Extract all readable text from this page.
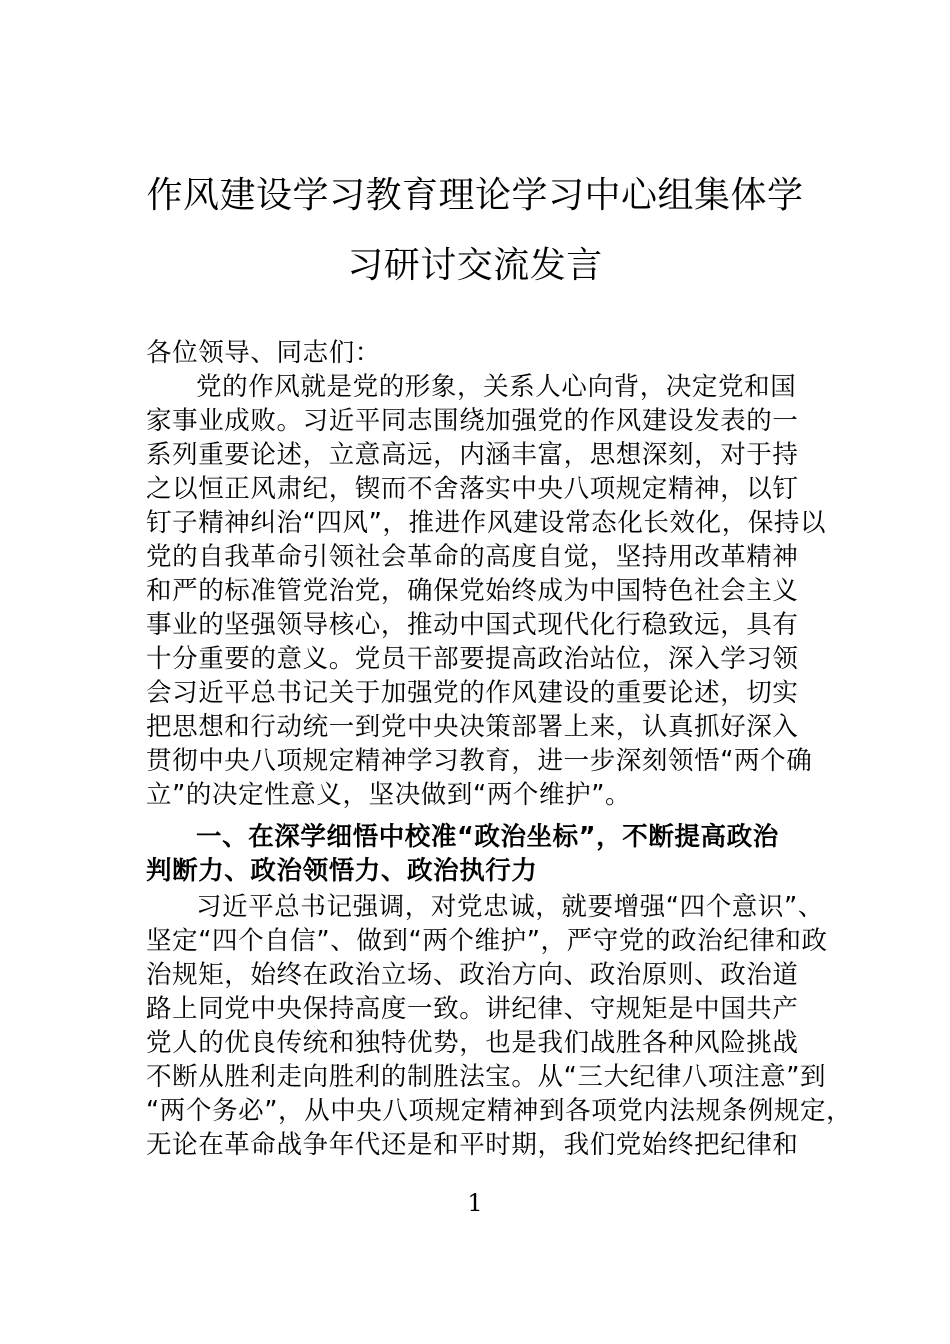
作风建设学习教育理论学习中心组集体学
习研讨交流发言
各位领导、同志们：
党的作风就是党的形象，关系人心向背，决定党和国
家事业成败。习近平同志围绕加强党的作风建设发表的一
系列重要论述，立意高远，内涵丰富，思想深刻，对于持
之以恒正风肃纪，锲而不舍落实中央八项规定精神，以钉
钉子精神纠治“四风”，推进作风建设常态化长效化，保持以
党的自我革命引领社会革命的高度自觉，坚持用改革精神
和严的标准管党治党，确保党始终成为中国特色社会主义
事业的坚强领导核心，推动中国式现代化行稳致远，具有
十分重要的意义。党员干部要提高政治站位，深入学习领
会习近平总书记关于加强党的作风建设的重要论述，切实
把思想和行动统一到党中央决策部署上来，认真抓好深入
贯彻中央八项规定精神学习教育，进一步深刻领悟“两个确
立”的决定性意义，坚决做到“两个维护”。
一、在深学细悟中校准“政治坐标”，不断提高政治
判断力、政治领悟力、政治执行力
习近平总书记强调，对党忠诚，就要增强“四个意识”、
坚定“四个自信”、做到“两个维护”，严守党的政治纪律和政
治规矩，始终在政治立场、政治方向、政治原则、政治道
路上同党中央保持高度一致。讲纪律、守规矩是中国共产
党人的优良传统和独特优势，也是我们战胜各种风险挑战
不断从胜利走向胜利的制胜法宝。从“三大纪律八项注意”到
“两个务必”，从中央八项规定精神到各项党内法规条例规定，
无论在革命战争年代还是和平时期，我们党始终把纪律和
1
